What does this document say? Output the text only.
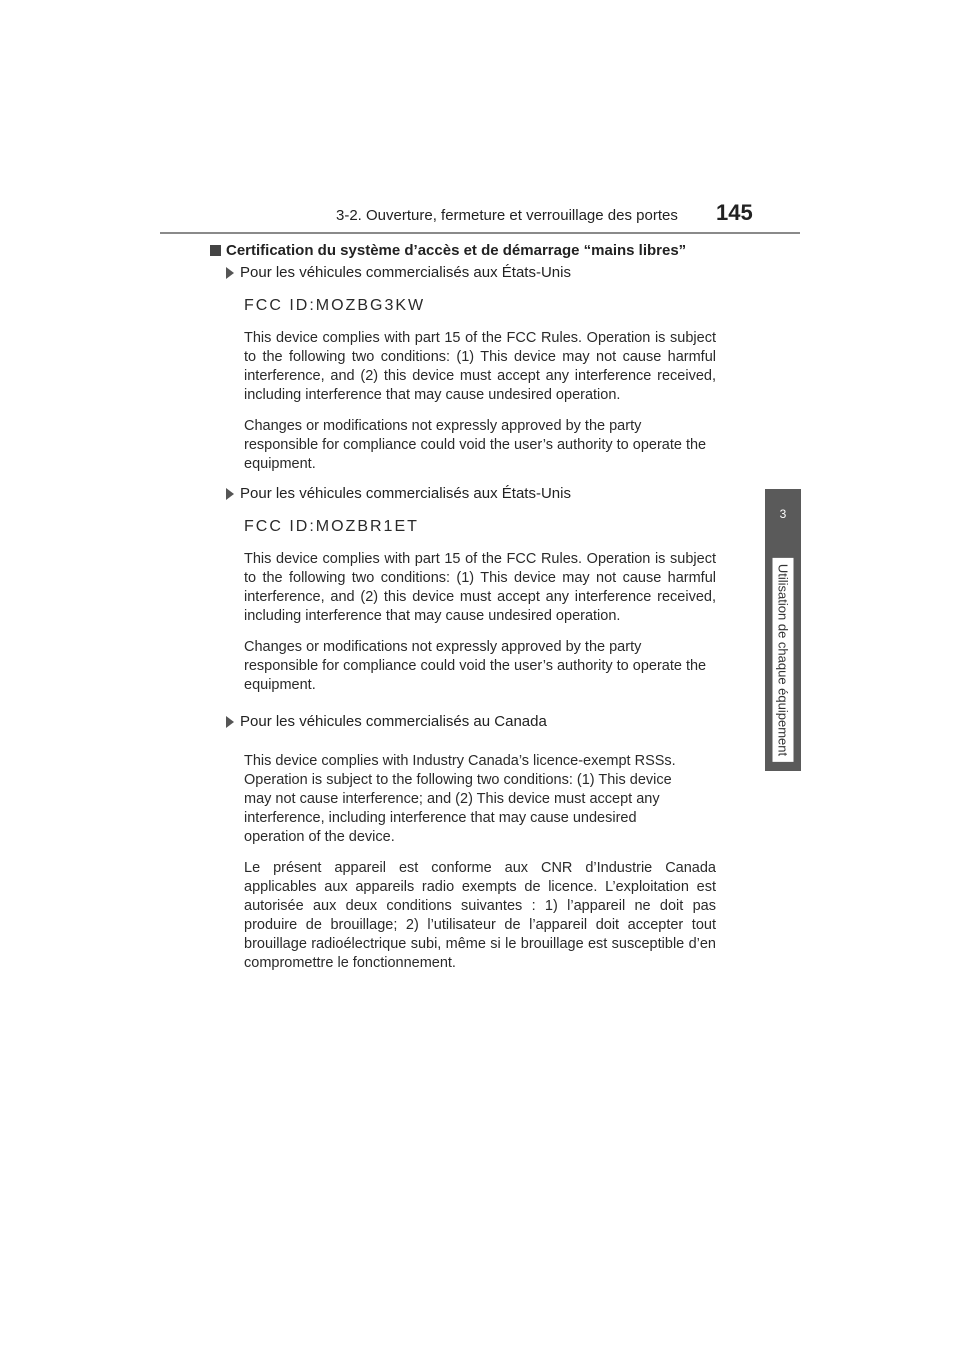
3-2. Ouverture, fermeture et verrouillage des portes 145
3
Utilisation de chaque équipement
Certification du système d’accès et de démarrage “mains libres”
Pour les véhicules commercialisés aux États-Unis
FCC ID:MOZBG3KW
This device complies with part 15 of the FCC Rules. Operation is subject to the following two conditions: (1) This device may not cause harmful interference, and (2) this device must accept any interference received, including interference that may cause undesired operation.
Changes or modifications not expressly approved by the party responsible for compliance could void the user’s authority to operate the equipment.
Pour les véhicules commercialisés aux États-Unis
FCC ID:MOZBR1ET
This device complies with part 15 of the FCC Rules. Operation is subject to the following two conditions: (1) This device may not cause harmful interference, and (2) this device must accept any interference received, including interference that may cause undesired operation.
Changes or modifications not expressly approved by the party responsible for compliance could void the user’s authority to operate the equipment.
Pour les véhicules commercialisés au Canada
This device complies with Industry Canada’s licence-exempt RSSs. Operation is subject to the following two conditions: (1) This device may not cause interference; and (2) This device must accept any interference, including interference that may cause undesired operation of the device.
Le présent appareil est conforme aux CNR d’Industrie Canada applicables aux appareils radio exempts de licence. L’exploitation est autorisée aux deux conditions suivantes : 1) l’appareil ne doit pas produire de brouillage; 2) l’utilisateur de l’appareil doit accepter tout brouillage radioélectrique subi, même si le brouillage est susceptible d’en compromettre le fonctionnement.
